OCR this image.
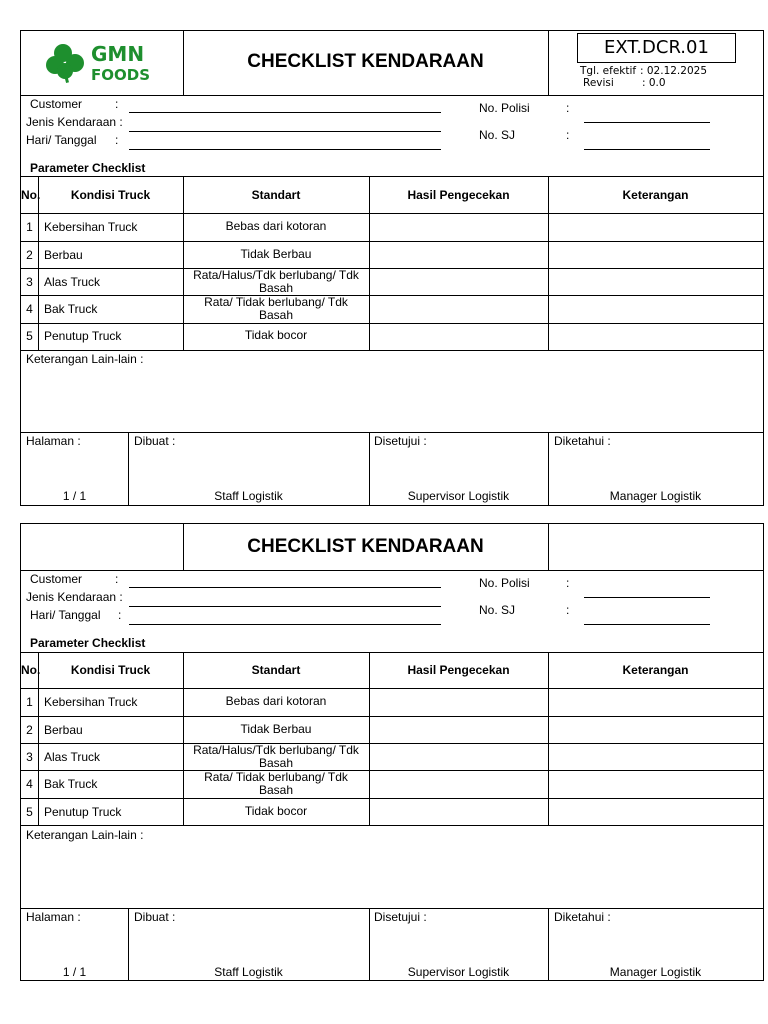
GMN
FOODS
CHECKLIST KENDARAAN
EXT.DCR.01
Tgl. efektif : 02.12.2025
Revisi	: 0.0
Customer	:
Jenis Kendaraan :
Hari/ Tanggal :
No. Polisi	:
No. SJ	:
Parameter Checklist
No.	Kondisi Truck	Standart	Hasil Pengecekan	Keterangan
1 Kebersihan Truck	Bebas dari kotoran
2 Berbau	Tidak Berbau
3 Alas Truck	Rata/Halus/Tdk berlubang/ Tdk
Basah
4 Bak Truck	Rata/ Tidak berlubang/ Tdk
Basah
5 Penutup Truck	Tidak bocor
Keterangan Lain-lain :
Halaman :
1 / 1
Dibuat :
Staff Logistik
Disetujui :
Supervisor Logistik
Diketahui :
Manager Logistik
CHECKLIST KENDARAAN
Customer	:
Jenis Kendaraan :
Hari/ Tanggal :
No. Polisi	:
No. SJ	:
Parameter Checklist
No.	Kondisi Truck	Standart	Hasil Pengecekan	Keterangan
1 Kebersihan Truck	Bebas dari kotoran
2 Berbau	Tidak Berbau
3 Alas Truck	Rata/Halus/Tdk berlubang/ Tdk
Basah
4 Bak Truck	Rata/ Tidak berlubang/ Tdk
Basah
5 Penutup Truck	Tidak bocor
Keterangan Lain-lain :
Halaman :
1 / 1
Dibuat :
Staff Logistik
Disetujui :
Supervisor Logistik
Diketahui :
Manager Logistik
